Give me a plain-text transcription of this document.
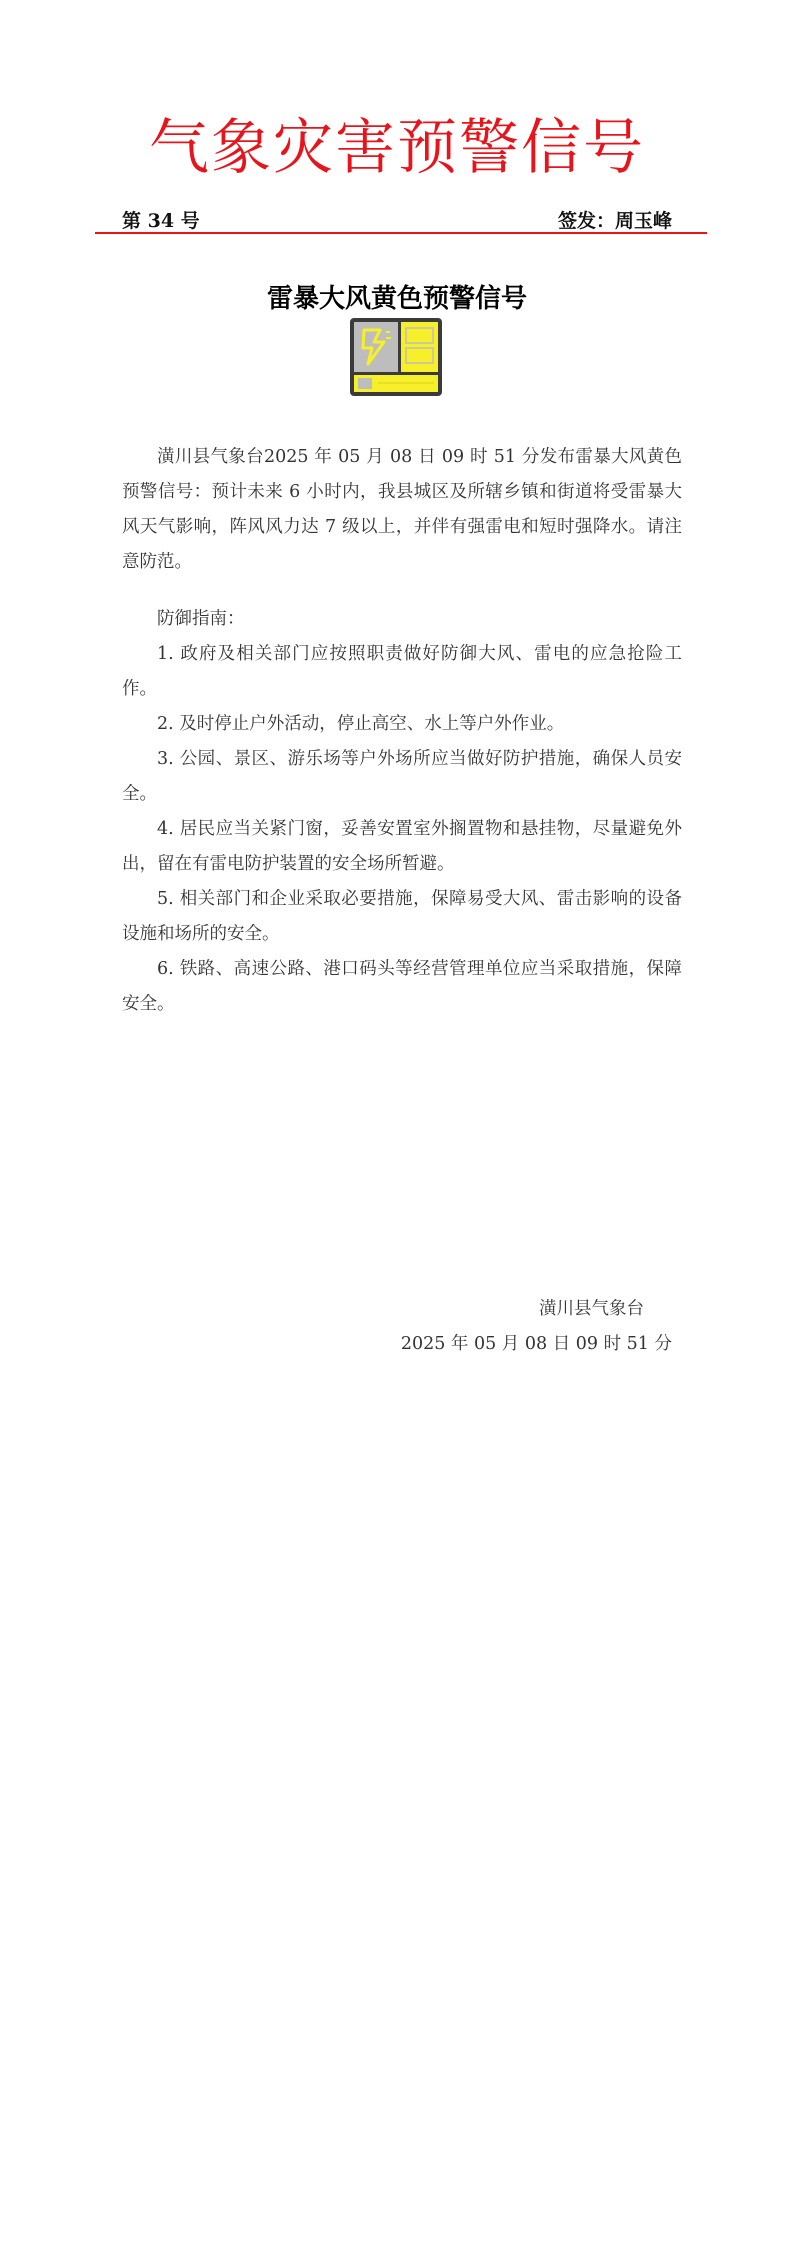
气象灾害预警信号
第 34 号	签发：周玉峰
雷暴大风黄色预警信号

潢川县气象台2025 年 05 月 08 日 09 时 51 分发布雷暴大风黄色预警信号：预计未来 6 小时内，我县城区及所辖乡镇和街道将受雷暴大风天气影响，阵风风力达 7 级以上，并伴有强雷电和短时强降水。请注意防范。

防御指南：

1. 政府及相关部门应按照职责做好防御大风、雷电的应急抢险工作。

2. 及时停止户外活动，停止高空、水上等户外作业。

3. 公园、景区、游乐场等户外场所应当做好防护措施，确保人员安全。

4. 居民应当关紧门窗，妥善安置室外搁置物和悬挂物，尽量避免外出，留在有雷电防护装置的安全场所暂避。

5. 相关部门和企业采取必要措施，保障易受大风、雷击影响的设备设施和场所的安全。

6. 铁路、高速公路、港口码头等经营管理单位应当采取措施，保障安全。

潢川县气象台
2025 年 05 月 08 日 09 时 51 分
